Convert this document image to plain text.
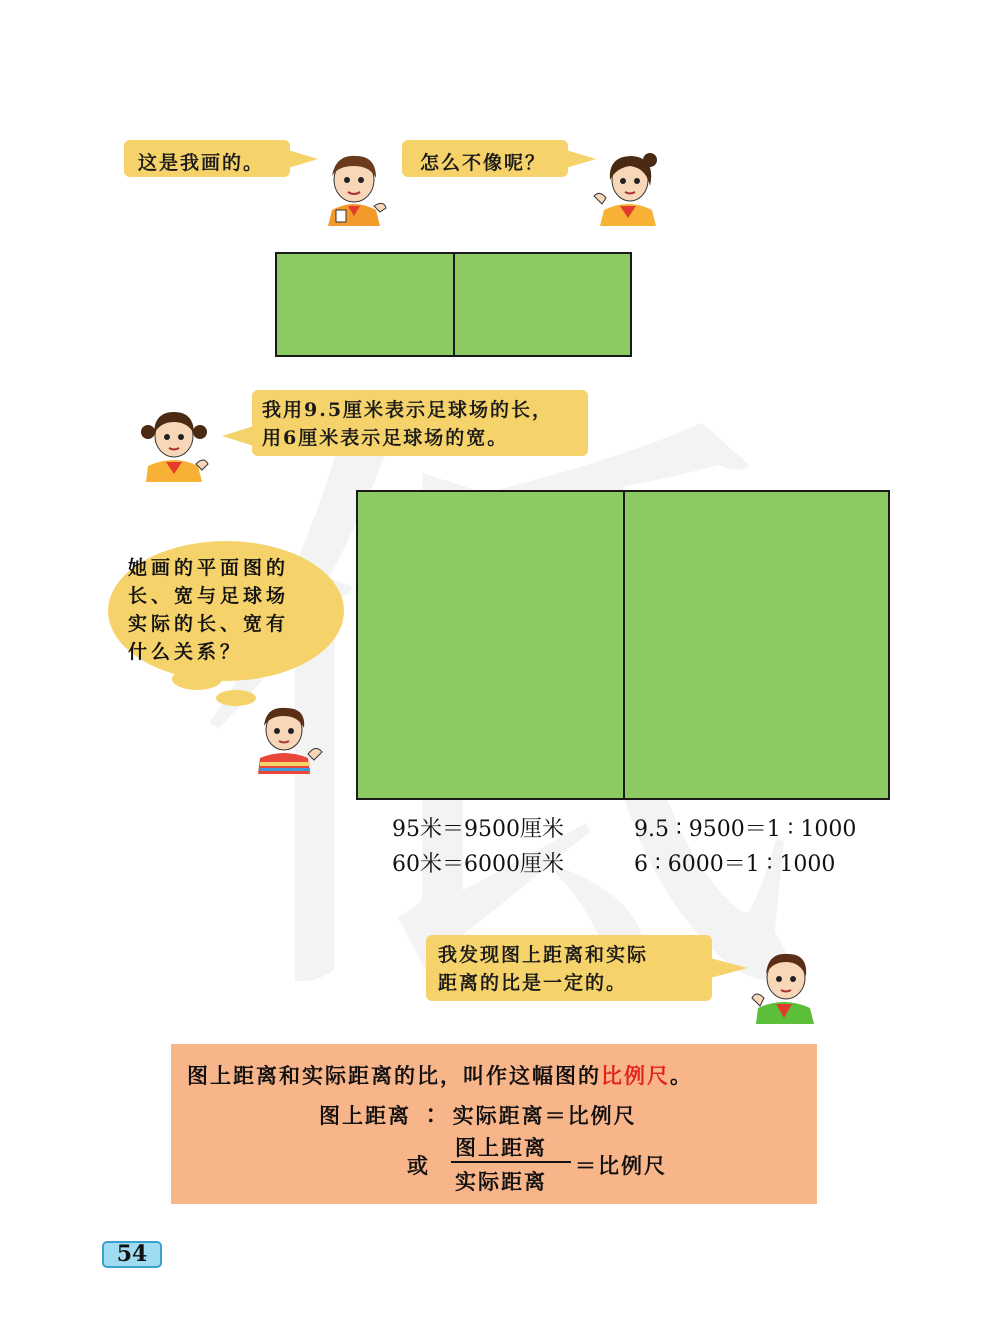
这是我画的。	怎么不像呢？
我用9.5厘米表示足球场的长，
用6厘米表示足球场的宽。
她画的平面图的
长、宽与足球场
实际的长、宽有
什么关系？
95米＝9500厘米	9.5 ∶ 9500＝1 ∶ 1000
60米＝6000厘米	6 ∶ 6000＝1 ∶ 1000
我发现图上距离和实际
距离的比是一定的。
图上距离和实际距离的比，叫作这幅图的比例尺。
图上距离 ∶ 实际距离＝比例尺
或
图上距离
实际距离
＝比例尺
54
